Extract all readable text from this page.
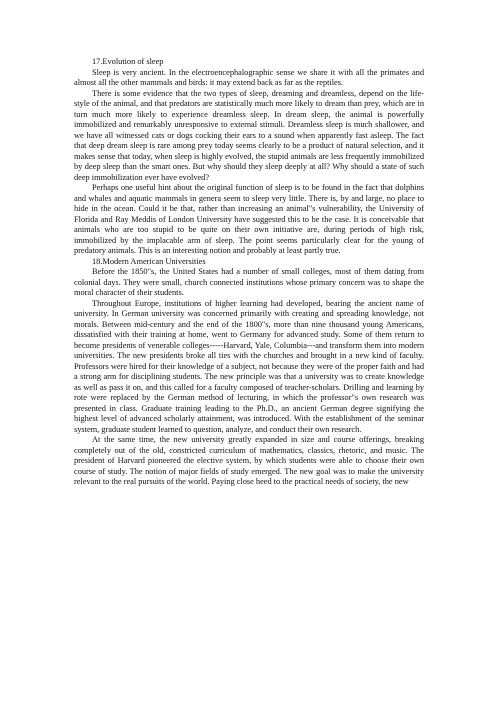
17.Evolution of sleep

Sleep is very ancient. In the electroencephalographic sense we share it with all the primates and almost all the other mammals and birds: it may extend back as far as the reptiles.

There is some evidence that the two types of sleep, dreaming and dreamless, depend on the life-style of the animal, and that predators are statistically much more likely to dream than prey, which are in turn much more likely to experience dreamless sleep. In dream sleep, the animal is powerfully immobilized and remarkably unresponsive to external stimuli. Dreamless sleep is much shallower, and we have all witnessed cats or dogs cocking their ears to a sound when apparently fast asleep. The fact that deep dream sleep is rare among prey today seems clearly to be a product of natural selection, and it makes sense that today, when sleep is highly evolved, the stupid animals are less frequently immobilized by deep sleep than the smart ones. But why should they sleep deeply at all? Why should a state of such deep immobilization ever have evolved?

Perhaps one useful hint about the original function of sleep is to be found in the fact that dolphins and whales and aquatic mammals in genera seem to sleep very little. There is, by and large, no place to hide in the ocean. Could it be that, rather than increasing an animal"s vulnerability, the University of Florida and Ray Meddis of London University have suggested this to be the case. It is conceivable that animals who are too stupid to be quite on their own initiative are, during periods of high risk, immobilized by the implacable arm of sleep. The point seems particularly clear for the young of predatory animals. This is an interesting notion and probably at least partly true.

18.Modern American Universities

Before the 1850"s, the United States had a number of small colleges, most of them dating from colonial days. They were small, church connected institutions whose primary concern was to shape the moral character of their students.

Throughout Europe, institutions of higher learning had developed, bearing the ancient name of university. In German university was concerned primarily with creating and spreading knowledge, not morals. Between mid-century and the end of the 1800"s, more than nine thousand young Americans, dissatisfied with their training at home, went to Germany for advanced study. Some of them return to become presidents of venerable colleges-----Harvard, Yale, Columbia---and transform them into modern universities. The new presidents broke all ties with the churches and brought in a new kind of faculty. Professors were hired for their knowledge of a subject, not because they were of the proper faith and had a strong arm for disciplining students. The new principle was that a university was to create knowledge as well as pass it on, and this called for a faculty composed of teacher-scholars. Drilling and learning by rote were replaced by the German method of lecturing, in which the professor"s own research was presented in class. Graduate training leading to the Ph.D., an ancient German degree signifying the highest level of advanced scholarly attainment, was introduced. With the establishment of the seminar system, graduate student learned to question, analyze, and conduct their own research.

At the same time, the new university greatly expanded in size and course offerings, breaking completely out of the old, constricted curriculum of mathematics, classics, rhetoric, and music. The president of Harvard pioneered the elective system, by which students were able to choose their own course of study. The notion of major fields of study emerged. The new goal was to make the university relevant to the real pursuits of the world. Paying close heed to the practical needs of society, the new
